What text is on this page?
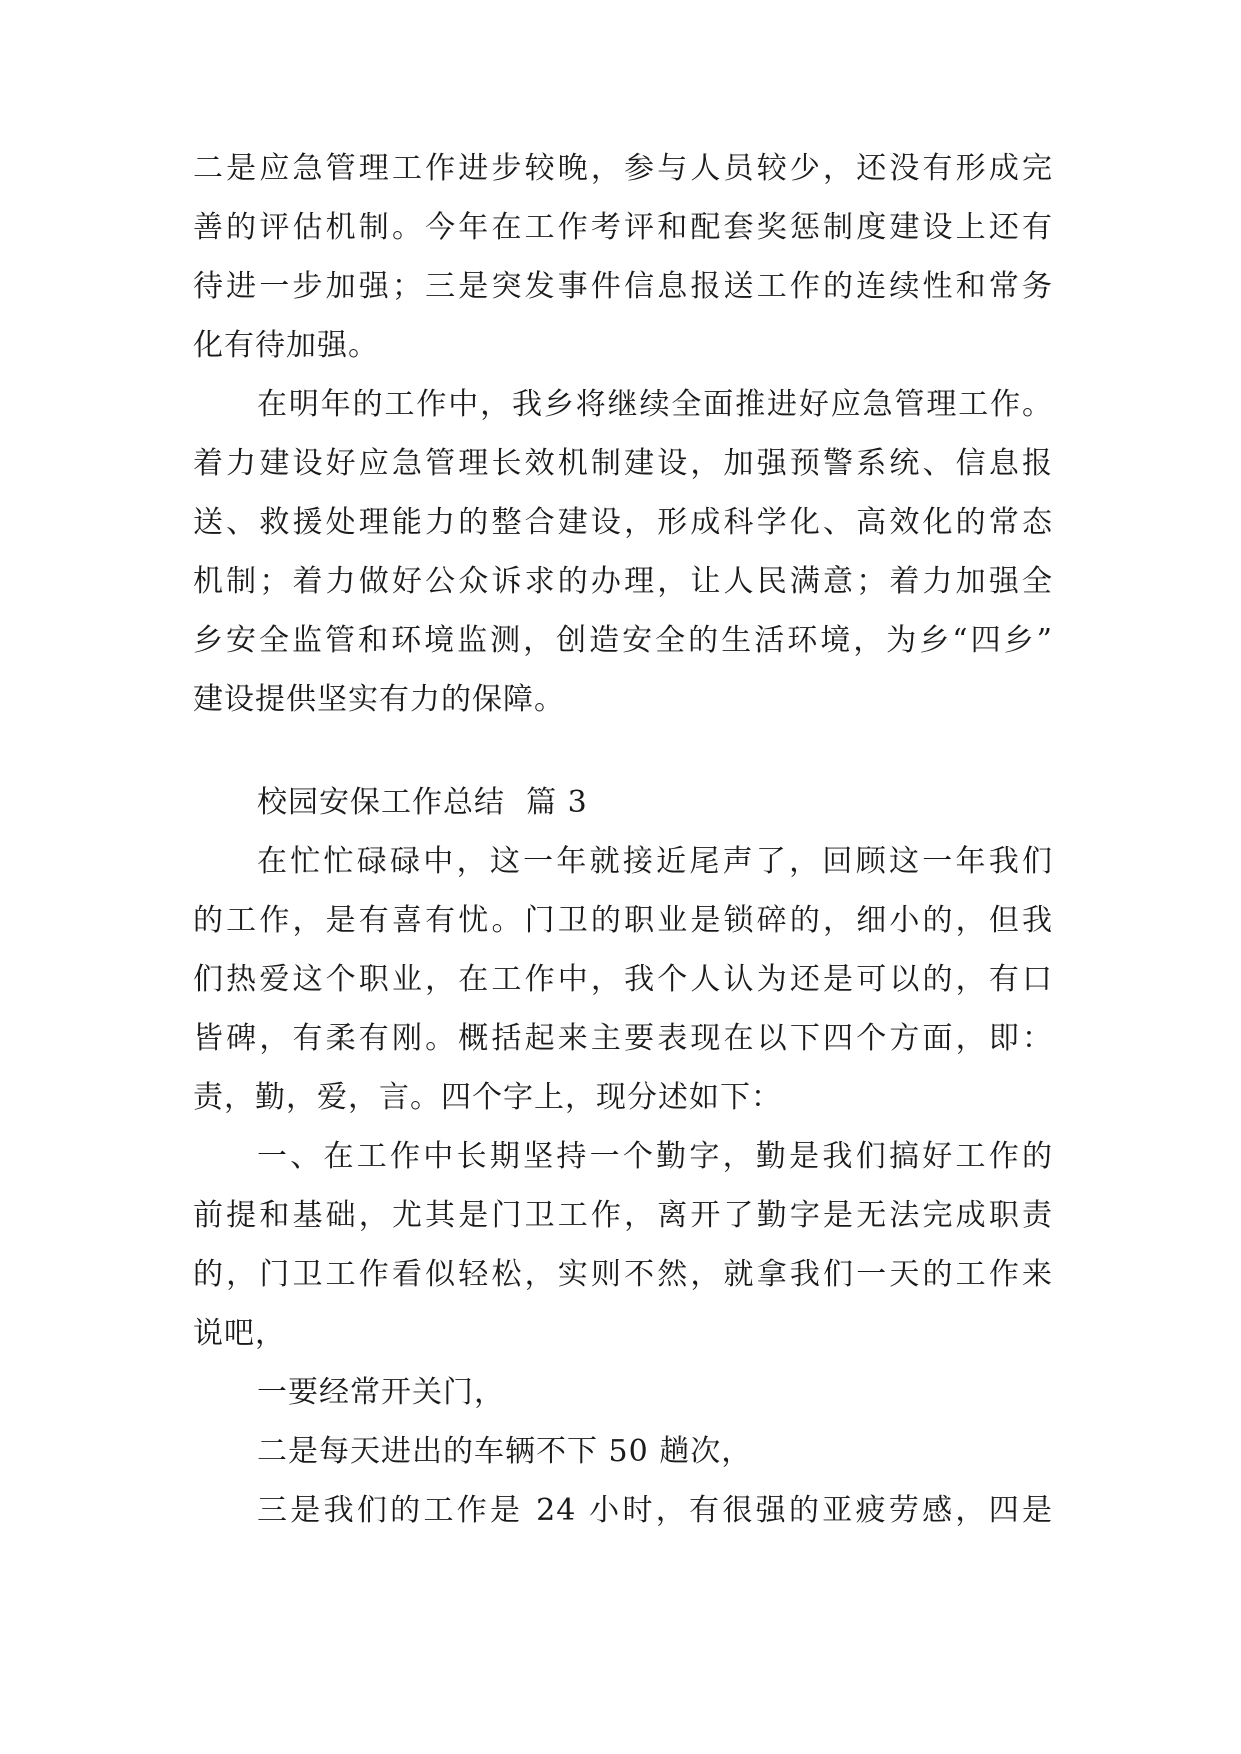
二是应急管理工作进步较晚，参与人员较少，还没有形成完
善的评估机制。今年在工作考评和配套奖惩制度建设上还有
待进一步加强；三是突发事件信息报送工作的连续性和常务
化有待加强。
在明年的工作中，我乡将继续全面推进好应急管理工作。
着力建设好应急管理长效机制建设，加强预警系统、信息报
送、救援处理能力的整合建设，形成科学化、高效化的常态
机制；着力做好公众诉求的办理，让人民满意；着力加强全
乡安全监管和环境监测，创造安全的生活环境，为乡“四乡”
建设提供坚实有力的保障。
校园安保工作总结  篇 3
在忙忙碌碌中，这一年就接近尾声了，回顾这一年我们
的工作，是有喜有忧。门卫的职业是锁碎的，细小的，但我
们热爱这个职业，在工作中，我个人认为还是可以的，有口
皆碑，有柔有刚。概括起来主要表现在以下四个方面，即：
责，勤，爱，言。四个字上，现分述如下：
一、在工作中长期坚持一个勤字，勤是我们搞好工作的
前提和基础，尤其是门卫工作，离开了勤字是无法完成职责
的，门卫工作看似轻松，实则不然，就拿我们一天的工作来
说吧，
一要经常开关门，
二是每天进出的车辆不下 50 趟次，
三是我们的工作是 24 小时，有很强的亚疲劳感，四是
